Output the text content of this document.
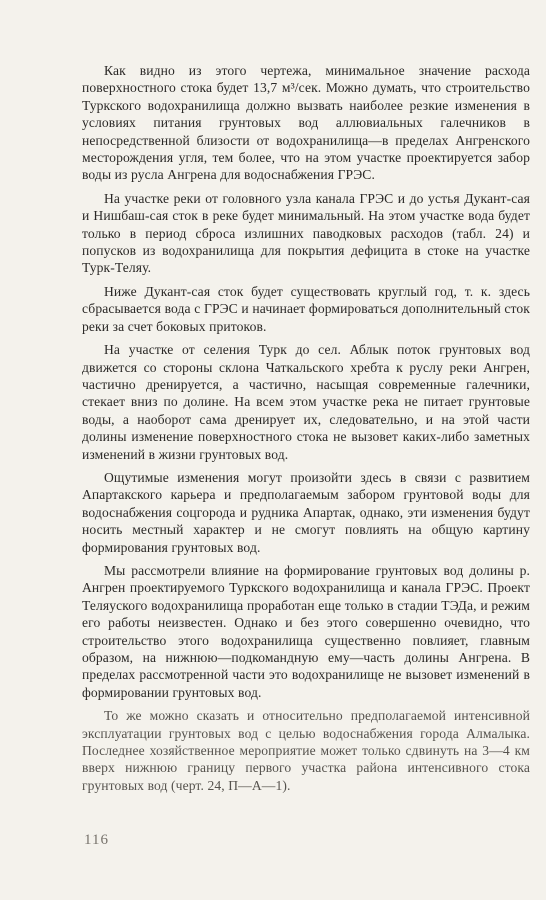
Как видно из этого чертежа, минимальное значение расхода поверхностного стока будет 13,7 м³/сек. Можно думать, что строительство Туркского водохранилища должно вызвать наиболее резкие изменения в условиях питания грунтовых вод аллювиальных галечников в непосредственной близости от водохранилища—в пределах Ангренского месторождения угля, тем более, что на этом участке проектируется забор воды из русла Ангрена для водоснабжения ГРЭС.

На участке реки от головного узла канала ГРЭС и до устья Дукант-сая и Нишбаш-сая сток в реке будет минимальный. На этом участке вода будет только в период сброса излишних паводковых расходов (табл. 24) и попусков из водохранилища для покрытия дефицита в стоке на участке Турк-Теляу.

Ниже Дукант-сая сток будет существовать круглый год, т. к. здесь сбрасывается вода с ГРЭС и начинает формироваться дополнительный сток реки за счет боковых притоков.

На участке от селения Турк до сел. Аблык поток грунтовых вод движется со стороны склона Чаткальского хребта к руслу реки Ангрен, частично дренируется, а частично, насыщая современные галечники, стекает вниз по долине. На всем этом участке река не питает грунтовые воды, а наоборот сама дренирует их, следовательно, и на этой части долины изменение поверхностного стока не вызовет каких-либо заметных изменений в жизни грунтовых вод.

Ощутимые изменения могут произойти здесь в связи с развитием Апартакского карьера и предполагаемым забором грунтовой воды для водоснабжения соцгорода и рудника Апартак, однако, эти изменения будут носить местный характер и не смогут повлиять на общую картину формирования грунтовых вод.

Мы рассмотрели влияние на формирование грунтовых вод долины р. Ангрен проектируемого Туркского водохранилища и канала ГРЭС. Проект Теляуского водохранилища проработан еще только в стадии ТЭДа, и режим его работы неизвестен. Однако и без этого совершенно очевидно, что строительство этого водохранилища существенно повлияет, главным образом, на нижнюю—подкомандную ему—часть долины Ангрена. В пределах рассмотренной части это водохранилище не вызовет изменений в формировании грунтовых вод.

То же можно сказать и относительно предполагаемой интенсивной эксплуатации грунтовых вод с целью водоснабжения города Алмалыка. Последнее хозяйственное мероприятие может только сдвинуть на 3—4 км вверх нижнюю границу первого участка района интенсивного стока грунтовых вод (черт. 24, П—А—1).

116
